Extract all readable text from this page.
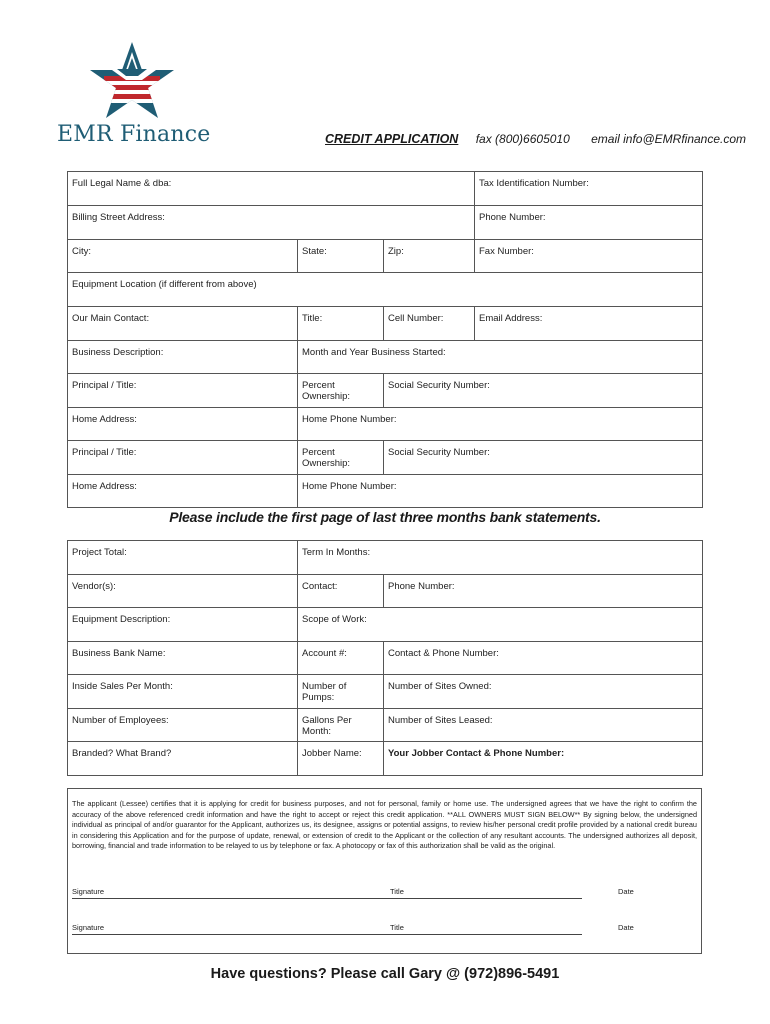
EMR Finance	CREDIT APPLICATION fax (800)6605010 email info@EMRfinance.com
Full Legal Name & dba:			Tax Identification Number:
Billing Street Address:			Phone Number:
City:	State:	Zip:	Fax Number:
Equipment Location (if different from above)			
Our Main Contact:	Title:	Cell Number:	Email Address:
Business Description:	Month and Year Business Started:		
Principal / Title:	Percent Ownership:	Social Security Number:	
Home Address:	Home Phone Number:		
Principal / Title:	Percent Ownership:	Social Security Number:	
Home Address:	Home Phone Number:		
Please include the first page of last three months bank statements.
Project Total:	Term In Months:	
Vendor(s):	Contact:	Phone Number:
Equipment Description:	Scope of Work:	
Business Bank Name:	Account #:	Contact & Phone Number:
Inside Sales Per Month:	Number of Pumps:	Number of Sites Owned:
Number of Employees:	Gallons Per Month:	Number of Sites Leased:
Branded? What Brand?	Jobber Name:	Your Jobber Contact & Phone Number:
The applicant (Lessee) certifies that it is applying for credit for business purposes, and not for personal, family or home use. The undersigned agrees that we have the right to confirm the accuracy of the above referenced credit information and have the right to accept or reject this credit application. **ALL OWNERS MUST SIGN BELOW** By signing below, the undersigned individual as principal of and/or guarantor for the Applicant, authorizes us, its designee, assigns or potential assigns, to review his/her personal credit profile provided by a national credit bureau in considering this Application and for the purpose of update, renewal, or extension of credit to the Applicant or the collection of any resultant accounts. The undersigned authorizes all deposit, borrowing, financial and trade information to be relayed to us by telephone or fax. A photocopy or fax of this authorization shall be valid as the original.
Signature	Title	Date
Signature	Title	Date
Have questions? Please call Gary @ (972)896-5491
